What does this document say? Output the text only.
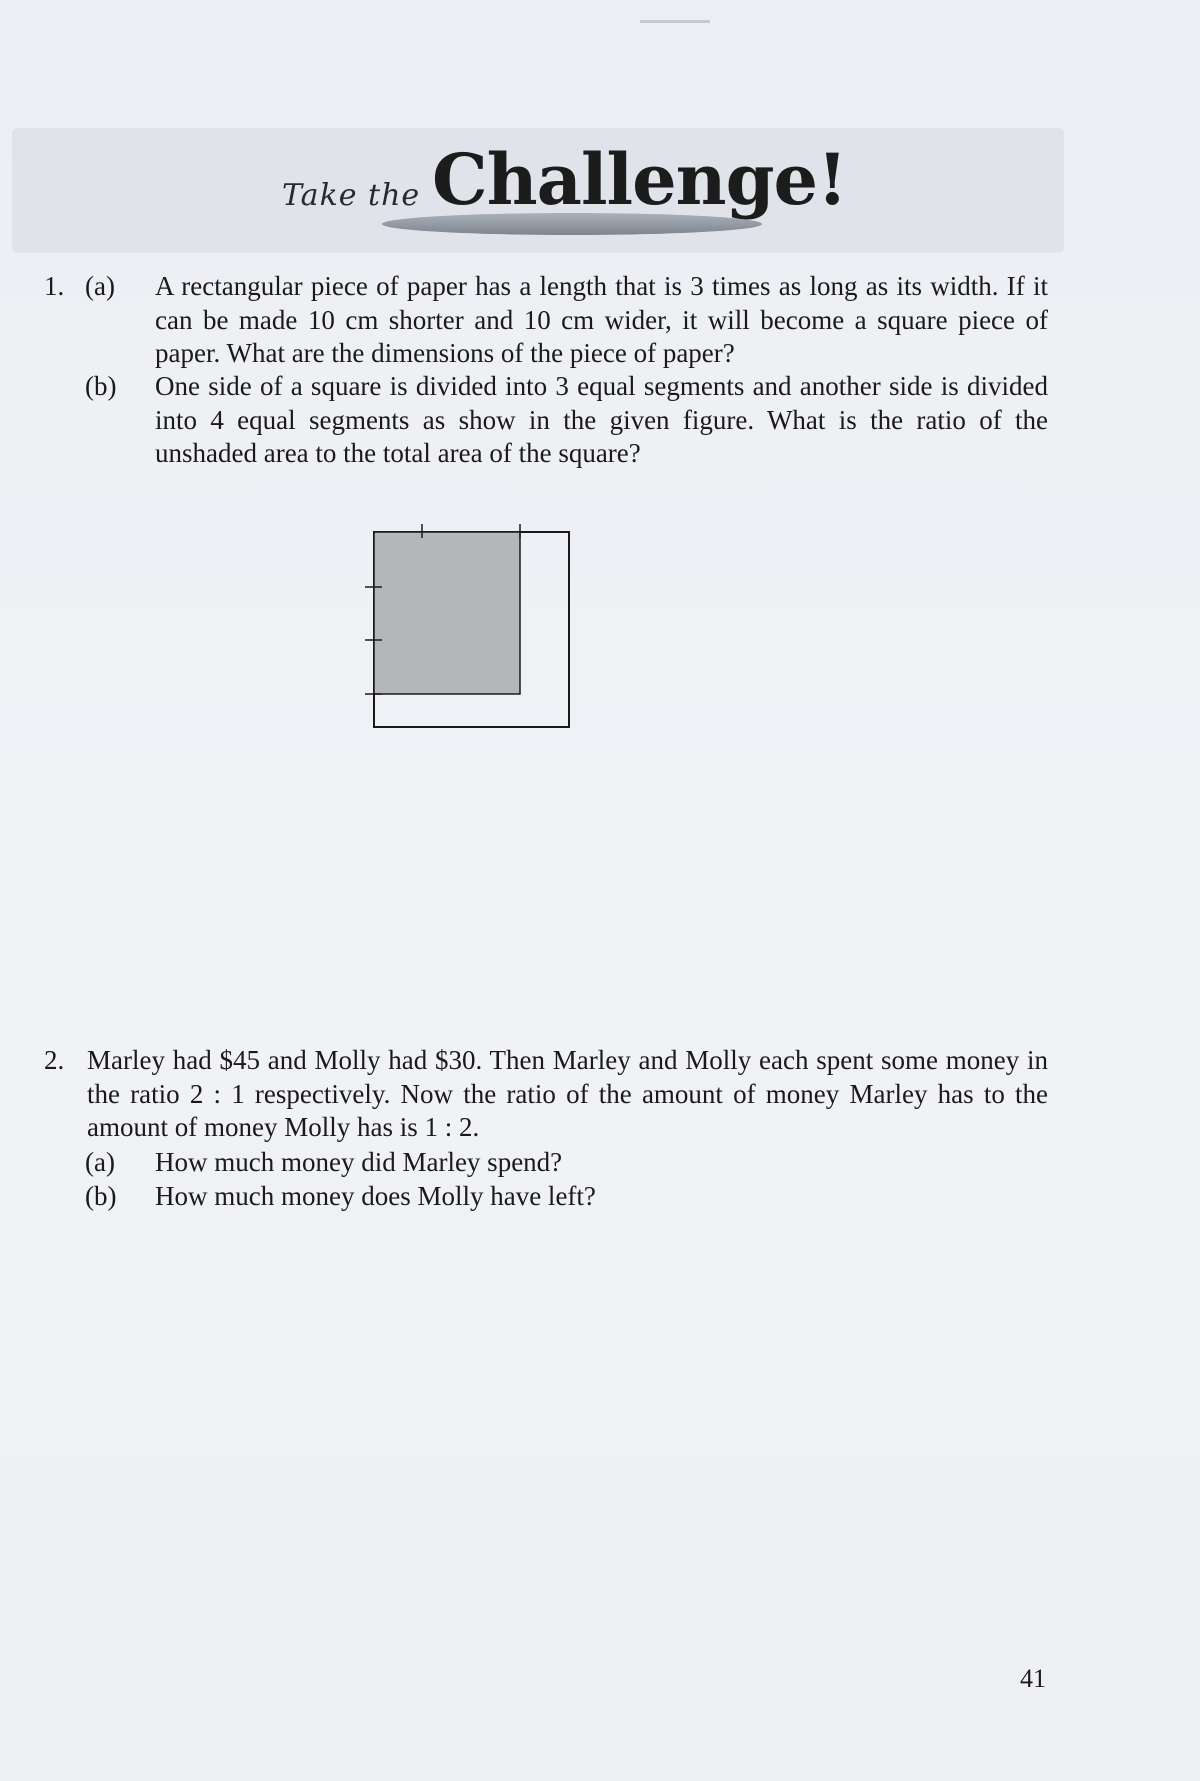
Take the Challenge!
1. (a) A rectangular piece of paper has a length that is 3 times as long as its width. If it can be made 10 cm shorter and 10 cm wider, it will become a square piece of paper. What are the dimensions of the piece of paper?
(b) One side of a square is divided into 3 equal segments and another side is divided into 4 equal segments as show in the given figure. What is the ratio of the unshaded area to the total area of the square?
2. Marley had $45 and Molly had $30. Then Marley and Molly each spent some money in the ratio 2 : 1 respectively. Now the ratio of the amount of money Marley has to the amount of money Molly has is 1 : 2.
(a) How much money did Marley spend?
(b) How much money does Molly have left?
41
